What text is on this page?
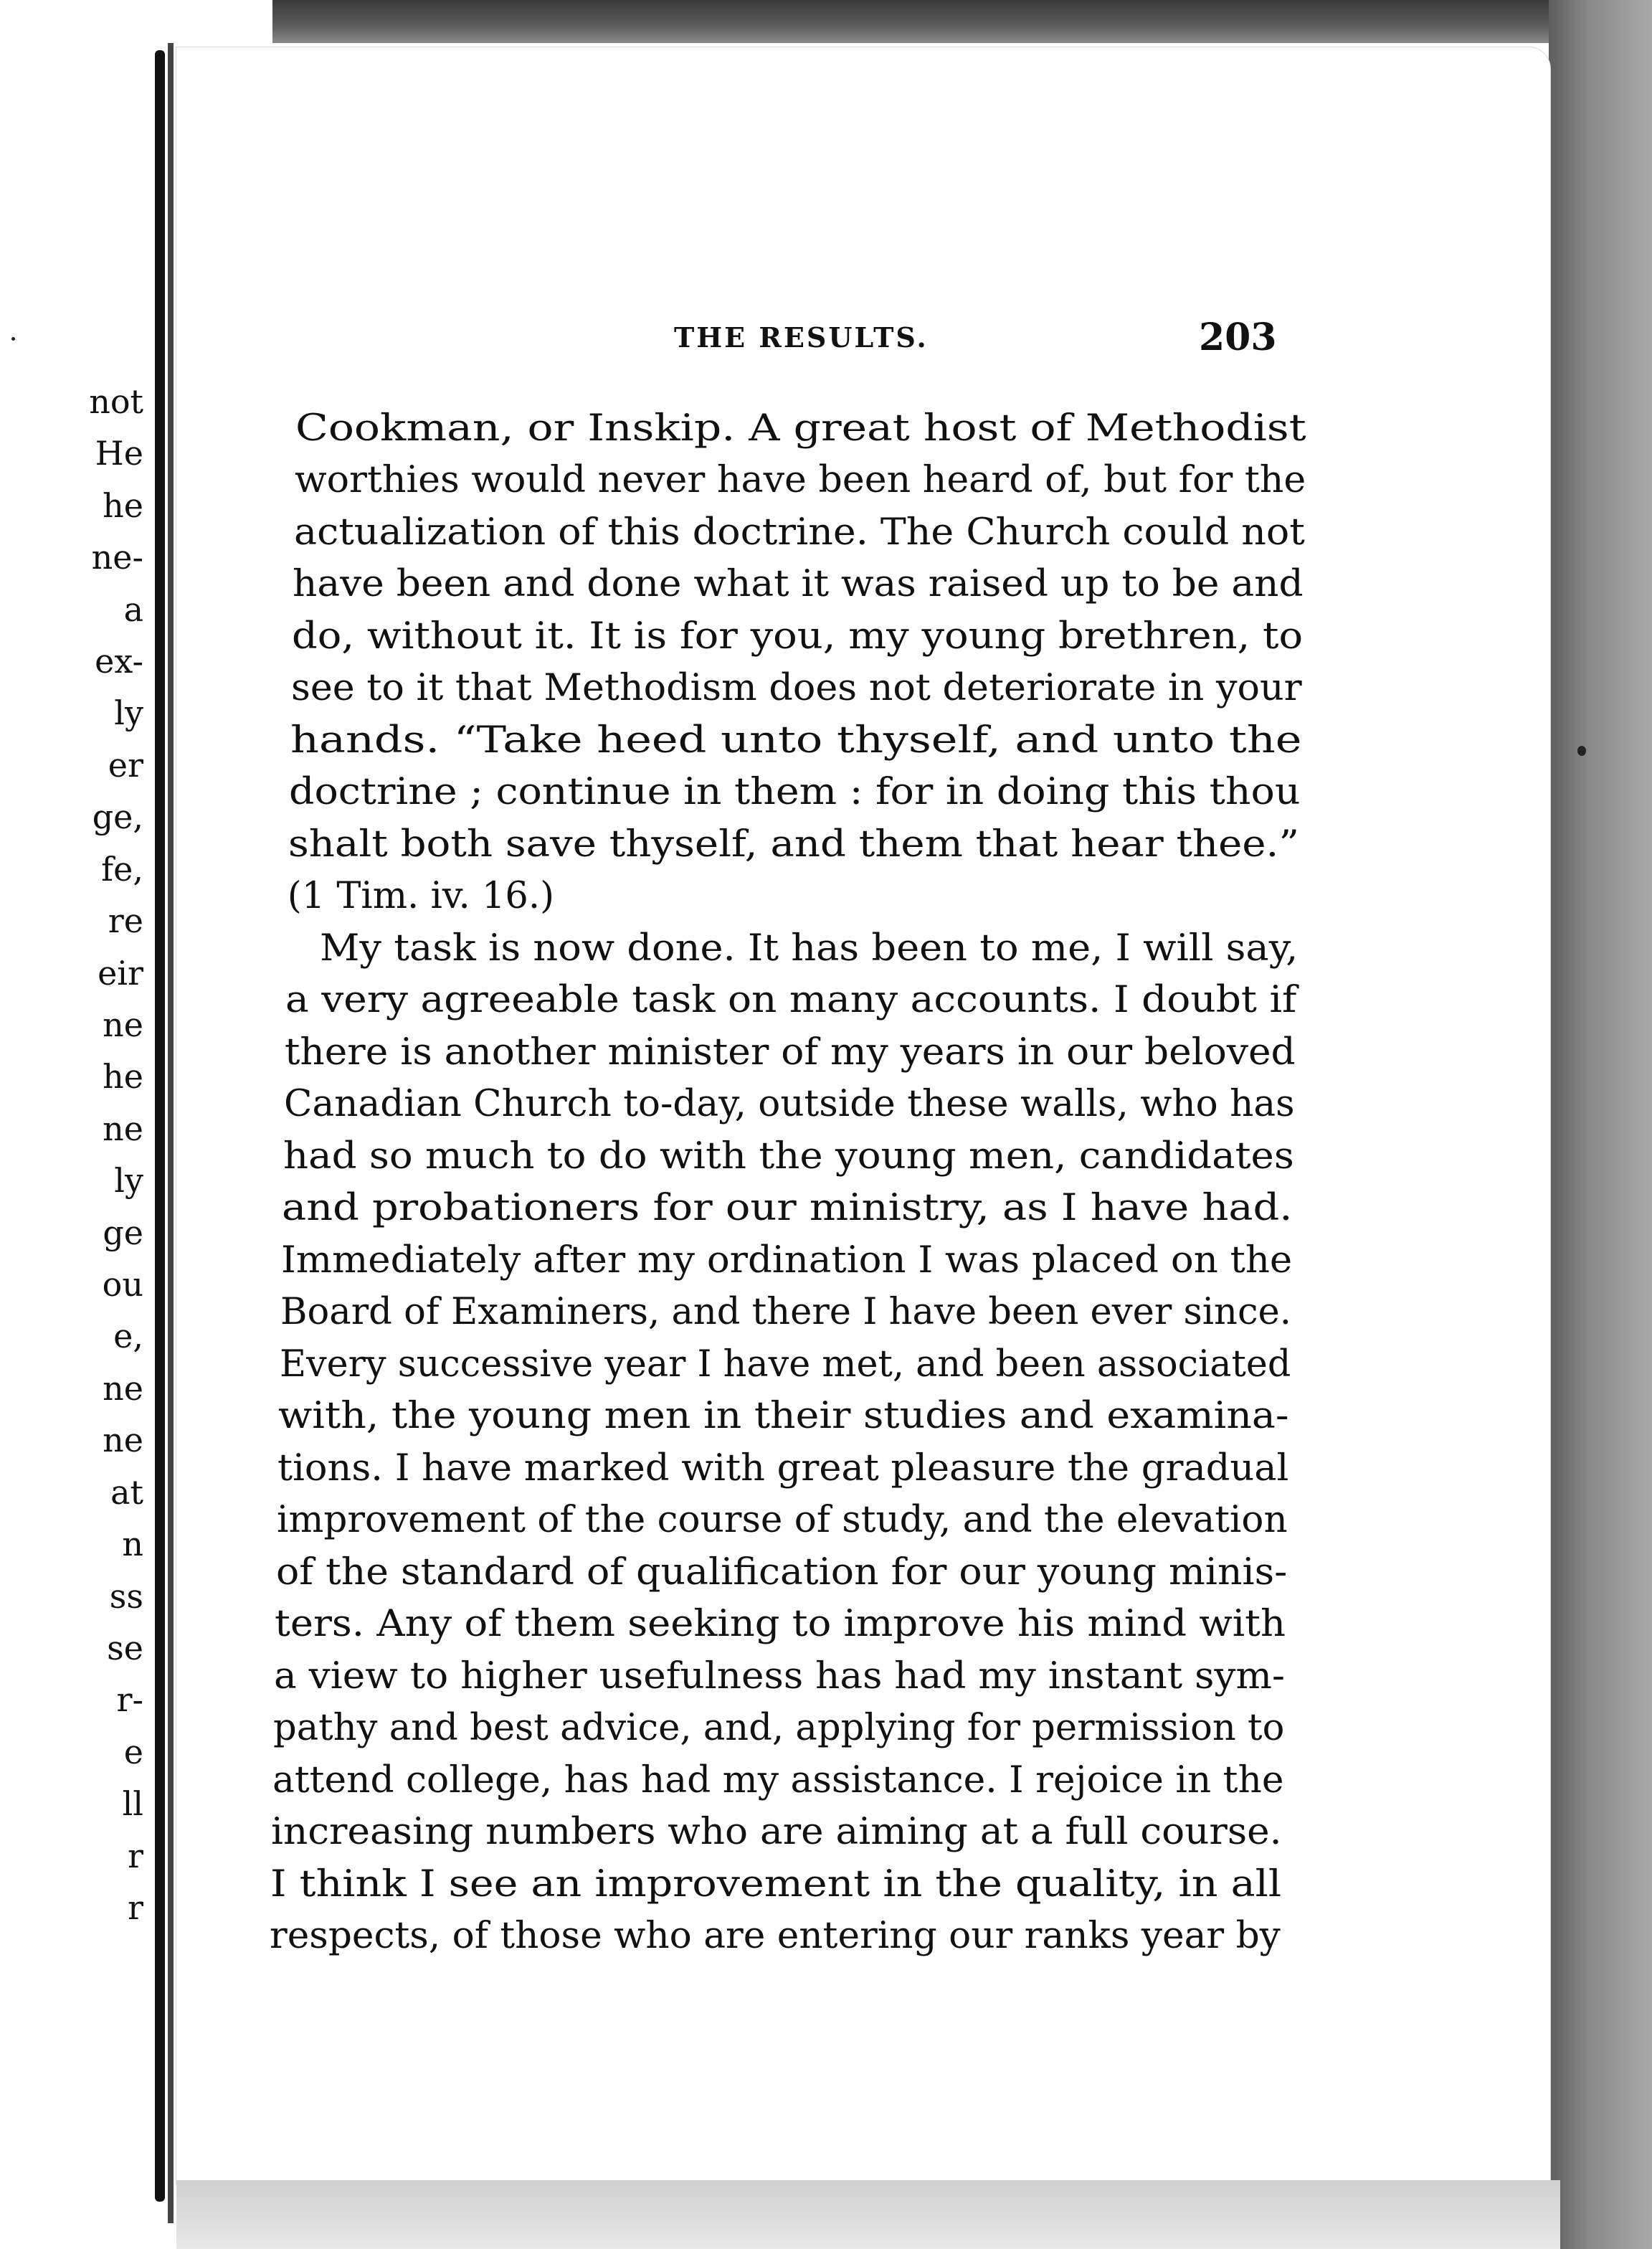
not
He
he
ne-
a
ex-
ly
er
ge,
fe,
re
eir
ne
he
ne
ly
ge
ou
e,
ne
ne
at
n
ss
se
r-
e
ll
r
r
THE RESULTS.	203
Cookman, or Inskip. A great host of Methodist
worthies would never have been heard of, but for the
actualization of this doctrine. The Church could not
have been and done what it was raised up to be and
do, without it. It is for you, my young brethren, to
see to it that Methodism does not deteriorate in your
hands. “Take heed unto thyself, and unto the
doctrine ; continue in them : for in doing this thou
shalt both save thyself, and them that hear thee.”
(1 Tim. iv. 16.)
My task is now done. It has been to me, I will say,
a very agreeable task on many accounts. I doubt if
there is another minister of my years in our beloved
Canadian Church to-day, outside these walls, who has
had so much to do with the young men, candidates
and probationers for our ministry, as I have had.
Immediately after my ordination I was placed on the
Board of Examiners, and there I have been ever since.
Every successive year I have met, and been associated
with, the young men in their studies and examina-
tions. I have marked with great pleasure the gradual
improvement of the course of study, and the elevation
of the standard of qualification for our young minis-
ters. Any of them seeking to improve his mind with
a view to higher usefulness has had my instant sym-
pathy and best advice, and, applying for permission to
attend college, has had my assistance. I rejoice in the
increasing numbers who are aiming at a full course.
I think I see an improvement in the quality, in all
respects, of those who are entering our ranks year by
